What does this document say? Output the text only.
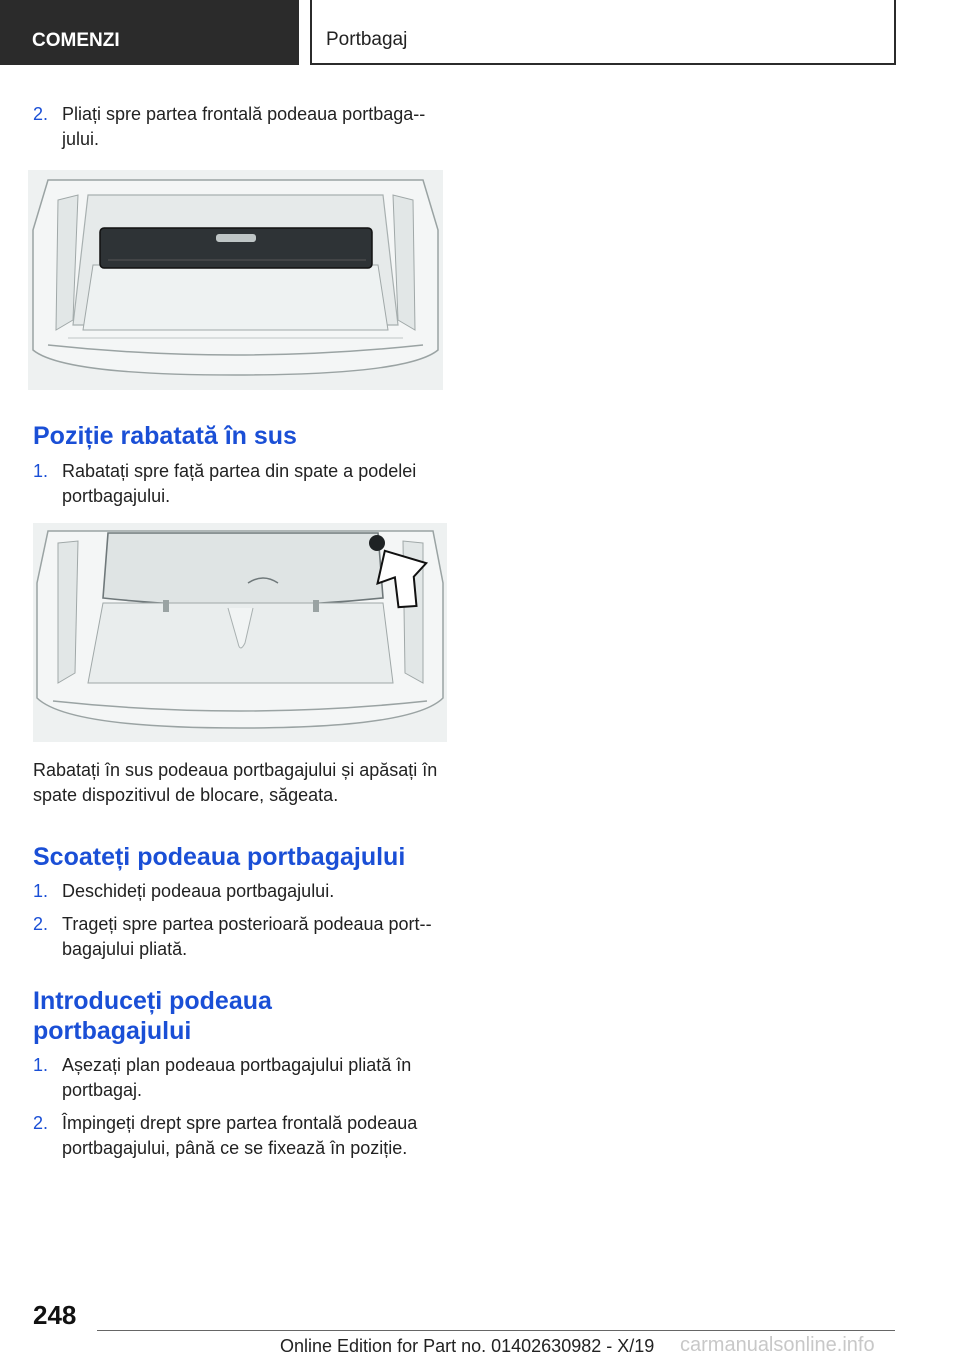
COMENZI	Portbagaj
2. Pliați spre partea frontală podeaua portbaga-jului.
Poziție rabatată în sus
1. Rabatați spre față partea din spate a podelei portbagajului.
Rabatați în sus podeaua portbagajului și apăsați în spate dispozitivul de blocare, săgeata.
Scoateți podeaua portbagajului
1. Deschideți podeaua portbagajului.
2. Trageți spre partea posterioară podeaua port-bagajului pliată.
Introduceți podeaua portbagajului
1. Așezați plan podeaua portbagajului pliată în portbagaj.
2. Împingeți drept spre partea frontală podeaua portbagajului, până ce se fixează în poziție.
248
Online Edition for Part no. 01402630982 - X/19	carmanualsonline.info
